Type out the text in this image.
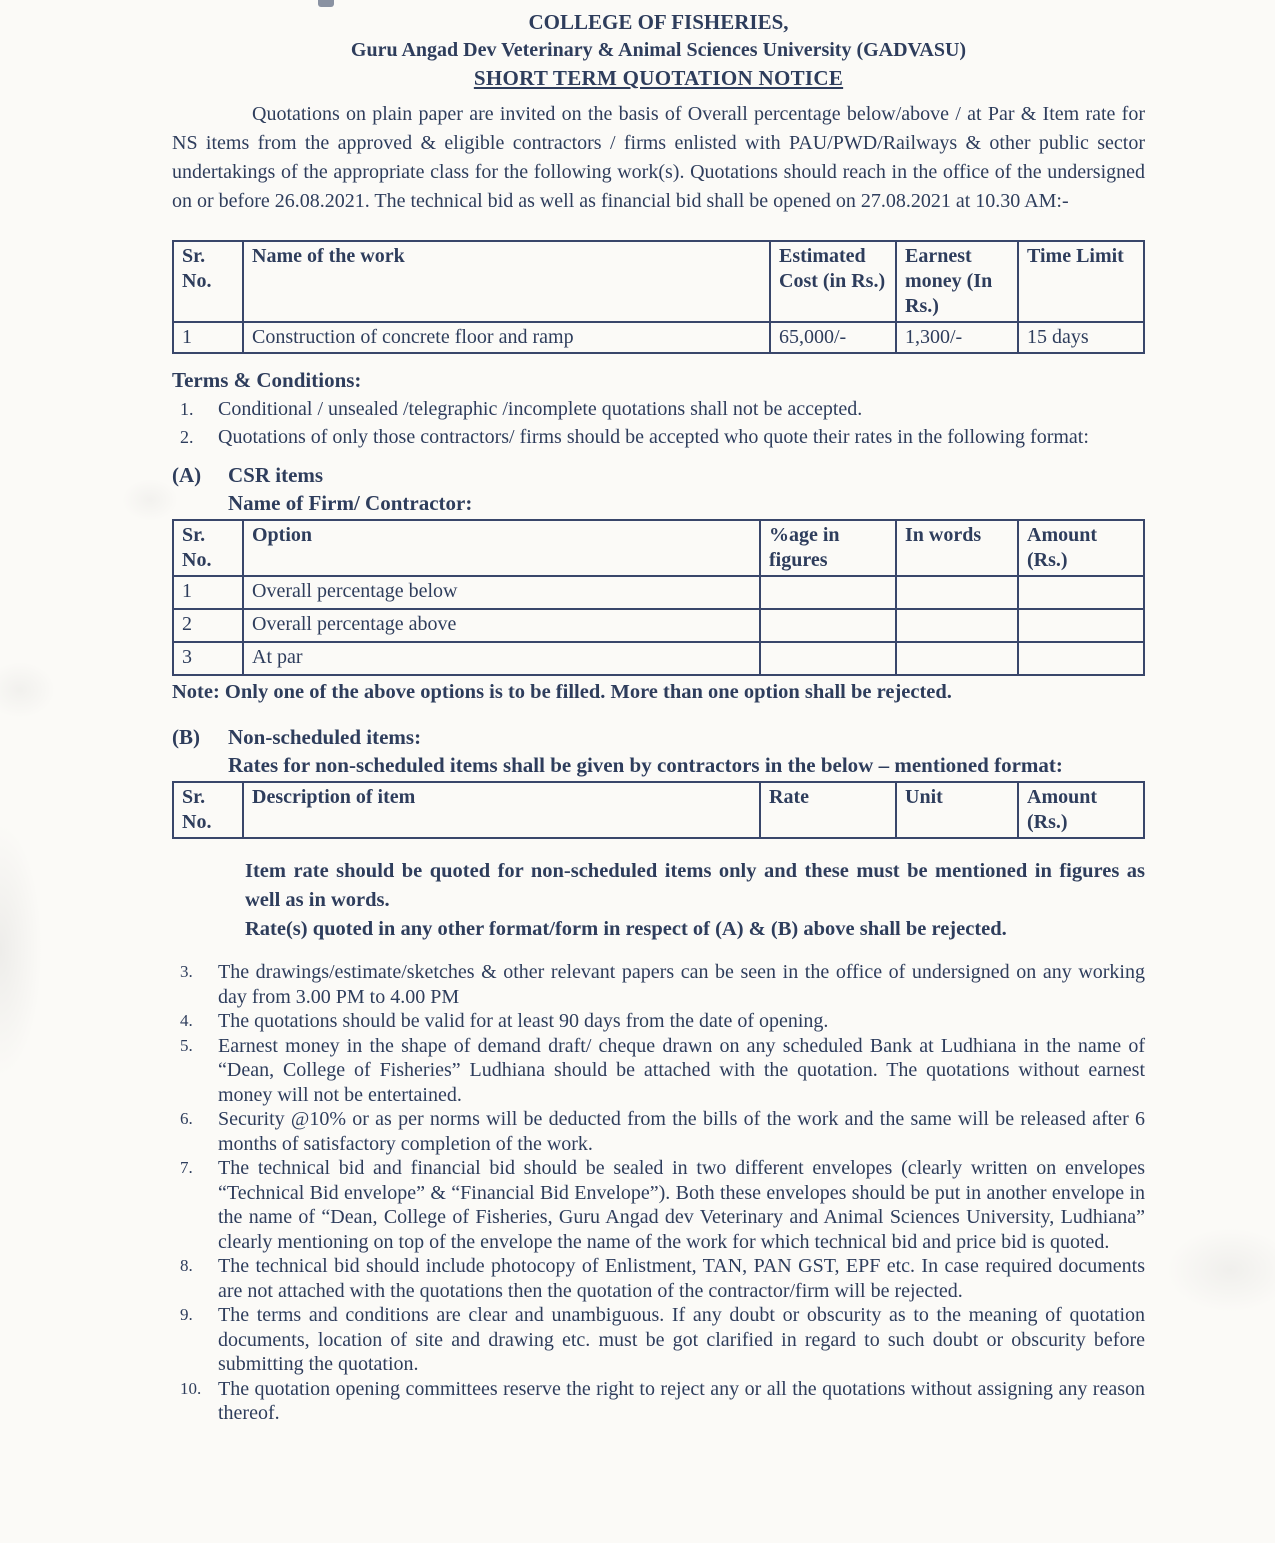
COLLEGE OF FISHERIES,
Guru Angad Dev Veterinary & Animal Sciences University (GADVASU)
SHORT TERM QUOTATION NOTICE

Quotations on plain paper are invited on the basis of Overall percentage below/above / at Par & Item rate for NS items from the approved & eligible contractors / firms enlisted with PAU/PWD/Railways & other public sector undertakings of the appropriate class for the following work(s). Quotations should reach in the office of the undersigned on or before 26.08.2021. The technical bid as well as financial bid shall be opened on 27.08.2021 at 10.30 AM:-

Sr. No.	Name of the work	Estimated Cost (in Rs.)	Earnest money (In Rs.)	Time Limit
1	Construction of concrete floor and ramp	65,000/-	1,300/-	15 days
Terms & Conditions:
1.	Conditional / unsealed /telegraphic /incomplete quotations shall not be accepted.
2.	Quotations of only those contractors/ firms should be accepted who quote their rates in the following format:
(A)	CSR items
Name of Firm/ Contractor:
Sr. No.	Option	%age in figures	In words	Amount (Rs.)
1	Overall percentage below			
2	Overall percentage above			
3	At par			
Note: Only one of the above options is to be filled. More than one option shall be rejected.
(B)	Non-scheduled items:
Rates for non-scheduled items shall be given by contractors in the below – mentioned format:
Sr. No.	Description of item	Rate	Unit	Amount (Rs.)
Item rate should be quoted for non-scheduled items only and these must be mentioned in figures as well as in words.
Rate(s) quoted in any other format/form in respect of (A) & (B) above shall be rejected.
3.	The drawings/estimate/sketches & other relevant papers can be seen in the office of undersigned on any working day from 3.00 PM to 4.00 PM
4.	The quotations should be valid for at least 90 days from the date of opening.
5.	Earnest money in the shape of demand draft/ cheque drawn on any scheduled Bank at Ludhiana in the name of “Dean, College of Fisheries” Ludhiana should be attached with the quotation. The quotations without earnest money will not be entertained.
6.	Security @10% or as per norms will be deducted from the bills of the work and the same will be released after 6 months of satisfactory completion of the work.
7.	The technical bid and financial bid should be sealed in two different envelopes (clearly written on envelopes “Technical Bid envelope” & “Financial Bid Envelope”). Both these envelopes should be put in another envelope in the name of “Dean, College of Fisheries, Guru Angad dev Veterinary and Animal Sciences University, Ludhiana” clearly mentioning on top of the envelope the name of the work for which technical bid and price bid is quoted.
8.	The technical bid should include photocopy of Enlistment, TAN, PAN GST, EPF etc. In case required documents are not attached with the quotations then the quotation of the contractor/firm will be rejected.
9.	The terms and conditions are clear and unambiguous. If any doubt or obscurity as to the meaning of quotation documents, location of site and drawing etc. must be got clarified in regard to such doubt or obscurity before submitting the quotation.
10. The quotation opening committees reserve the right to reject any or all the quotations without assigning any reason thereof.
